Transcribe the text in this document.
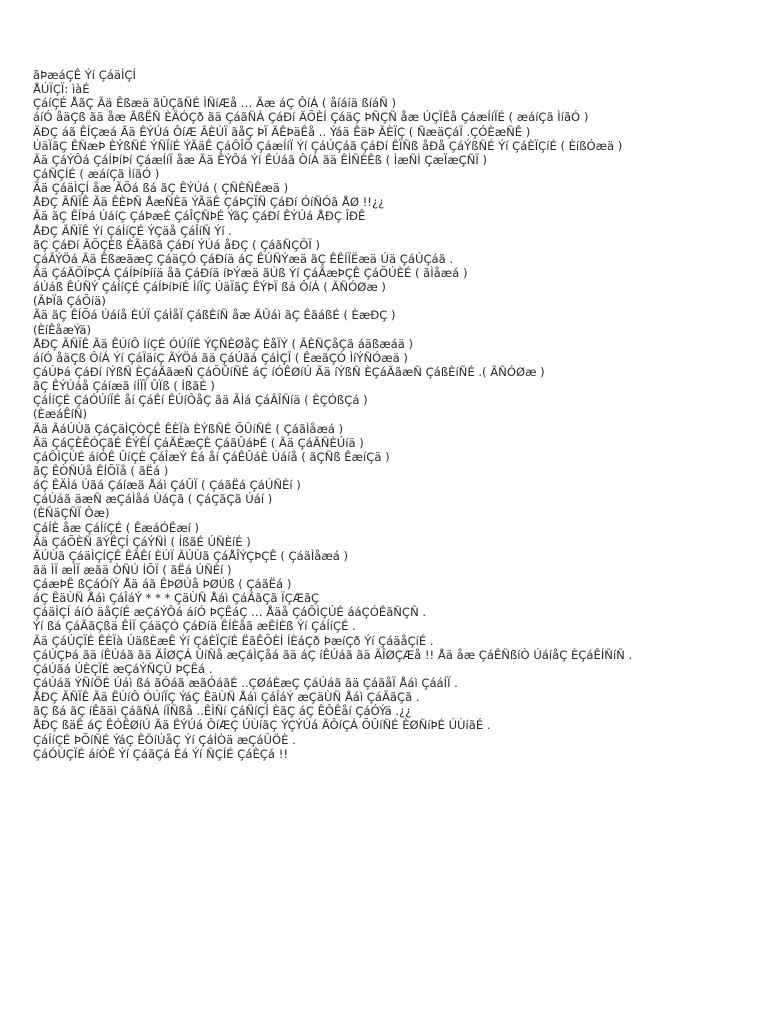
ãÞæáÇÊ Ýí ÇáäÌÇÍ
ÅÚÏÇÏ: ìàÉ
ÇáíÇÉ ÅãÇ Ãä Êßæä ãÛÇãÑÉ ÌÑíÆå … Ãæ áÇ ÔíÁ ( åíáíä ßíáÑ )
áíÓ åäÇß ãä åæ ÃßËÑ ÈÄÓÇð ãä ÇáãÑÁ ÇáÐí ÃÕÈÍ ÇáäÇ ÞÑÇÑ åæ ÚÇÏÊå ÇáæÍíÏÉ ( æáíÇã ÌíãÓ )
ÃÐÇ áã ÊÍÇæá Ãä ÊÝÚá ÔíÆ ÃÈÚÏ ãåÇ ÞÏ ÃÊÞäÊå .. Ýáä ÊäÞ ÃÈÏÇ ( ÑæäÇáÏ .ÇÓÈæÑÊ )
ÚäÏãÇ ÊÑæÞ ÈÝßÑÉ ÝÑÏíÉ ÝÃäÊ ÇáÔÎÕ ÇáæÍíÏ Ýí ÇáÚÇáã ÇáÐí ÊÏÑß åÐå ÇáÝßÑÉ Ýí ÇáÈÏÇíÉ ( ÈíßÓæä )
Ãä ÇáÝÔá ÇáÍÞíÞí ÇáæÍíÏ åæ Ãä ÊÝÔá Ýí ÊÚáã ÔíÁ ãä ÊÌÑÈÊß ( ÌæÑÌ ÇæÏæÇÑÏ )
ÇáÑÇÍÉ ( æáíÇã ÌíãÓ )
Ãä ÇáäÌÇÍ åæ ÃÕá ßá ãÇ ÊÝÚá ( ÇÑÈÑÊæä )
ÅÐÇ ÃÑÏÊ Ãä ÊÈÞÑ ÅæÑÈä ÝÃäÊ ÇáÞÇÏÑ ÇáÐí ÓíÑÓã ÅØ !!¿¿
Ãä ãÇ ÊÍÞá ÚáíÇ ÇáÞæÉ ÇáÎÇÑÞÉ ÝãÇ ÇáÐí ÊÝÚá ÅÐÇ ÎÐÊ
ÅÐÇ ÃÑÏÊ Ýí ÇáÍíÇÉ ÝÇäå ÇáÎíÑ Ýí .
ãÇ ÇáÐí ÃÕÇÈß ÈÃäßã ÇáÐí ÝÚá åÐÇ ( ÇáãÑÇÔÏ )
ÇáÃÝÖá Ãä ÊßæäæÇ ÇáäÇÓ ÇáÐíä áÇ ÊÚÑÝæä ãÇ ÊÊÍÏËæä Úä ÇáÚÇáã .
Ãä ÇáÃÕÏÞÇÁ ÇáÍÞíÞííä åã ÇáÐíä íÞÝæä ãÚß Ýí ÇáÃæÞÇÊ ÇáÕÚÈÉ ( ãÌåæá )
áÚáß ÊÚÑÝ ÇáÍíÇÉ ÇáÍÞíÞíÉ ÌíÏÇ ÚäÏãÇ ÊÝÞÏ ßá ÔíÁ ( ÃÑÓØæ )
(ÃÞÏã ÇáÕíä)
Ãä ãÇ ÊÍÕá Úáíå ÈÚÏ ÇáÌåÏ ÇáßÈíÑ åæ ÃÛáì ãÇ ÊãáßÉ ( ÈæÐÇ )
(ÈíÊåæÝä)
ÅÐÇ ÃÑÏÊ Ãä ÊÚíÔ ÍíÇÉ ÓÚíÏÉ ÝÇÑÈØåÇ ÈåÏÝ ( ÃÈÑÇåÇã áäßæáä )
áíÓ åäÇß ÔíÁ Ýí ÇáÏäíÇ ÃÝÖá ãä ÇáÚãá ÇáÌÇÏ ( ÊæãÇÓ ÌíÝÑÓæä )
ÇáÚÞá ÇáÐí íÝßÑ ÈÇáÃãæÑ ÇáÕÛíÑÉ áÇ íÓÊØíÚ Ãä íÝßÑ ÈÇáÃãæÑ ÇáßÈíÑÉ .( ÃÑÓØæ )
ãÇ ÊÝÚáå Çáíæã íÍÏÏ ÛÏß ( ÍßãÉ )
ÇáÍíÇÉ ÇáÓÚíÏÉ åí ÇáÊí ÊÚíÔåÇ ãä ÃÌá ÇáÂÎÑíä ( ÈÇÓßÇá )
(ÈæáÊíÑ)
Ãä ÃáÚÙã ÇáÇäÌÇÒÇÊ ÊÈÏà ÈÝßÑÉ ÕÛíÑÉ ( ÇáãÌåæá )
Ãä ÇáÇÈÊÓÇãÉ ÊÝÊÍ ÇáÃÈæÇÈ ÇáãÛáÞÉ ( Ãä ÇáÃÑÈÚíä )
ÇáÔÌÇÚÉ áíÓÊ ÛíÇÈ ÇáÎæÝ Èá åí ÇáÊÛáÈ Úáíå ( ãÇÑß ÊæíÇä )
ãÇ ÊÒÑÚå ÊÍÕÏå ( ãËá )
áÇ ÊÄÌá Úãá Çáíæã Åáì ÇáÛÏ ( ÇáãËá ÇáÚÑÈí )
ÇáÚáã äæÑ æÇáÌåá ÙáÇã ( ÇáÇãÇã Úáí )
(ÈÑäÇÑÏ Ôæ)
ÇáÍÈ åæ ÇáÍíÇÉ ( ÊæáÓÊæí )
Ãä ÇáÕÈÑ ãÝÊÇÍ ÇáÝÑÌ ( ÍßãÉ ÚÑÈíÉ )
ÃÚÙã ÇáäÌÇÍÇÊ ÊÃÊí ÈÚÏ ÃÚÙã ÇáÅÎÝÇÞÇÊ ( ÇáãÌåæá )
ãä ÌÏ æÌÏ æãä ÒÑÚ ÍÕÏ ( ãËá ÚÑÈí )
ÇáæÞÊ ßÇáÓíÝ Åä áã ÊÞØÚå ÞØÚß ( ÇáãËá )
áÇ ÊäÙÑ Åáì ÇáÎáÝ * * * ÇäÙÑ Åáì ÇáÃãÇã ÏÇÆãÇ
ÇáäÌÇÍ áíÓ äåÇíÉ æÇáÝÔá áíÓ ÞÇÊáÇ … Åäå ÇáÔÌÇÚÉ ááÇÓÊãÑÇÑ .
Ýí ßá ÇáÃãÇßä ÊÌÏ ÇáäÇÓ ÇáÐíä ÊÍÈåã æÊÍÈß Ýí ÇáÍíÇÉ .
Ãä ÇáÚÇÏÉ ÊÈÏà ÚäßÈæÊ Ýí ÇáÈÏÇíÉ ËãÊÕÈÍ ÍÈáÇð ÞæíÇð Ýí ÇáäåÇíÉ .
ÇáÚÇÞá ãä íÊÚáã ãä ÃÎØÇÁ ÛíÑå æÇáÌÇåá ãä áÇ íÊÚáã ãä ÃÎØÇÆå !! Åä åæ ÇáÊÑßíÒ ÚáíåÇ ÈÇáÊÍÑíÑ .
ÇáÚãá ÚÈÇÏÉ æÇáÝÑÇÛ ÞÇÊá .
ÇáÚáã ÝÑíÖÉ Úáì ßá ãÓáã æãÓáãÉ ..ÇØáÈæÇ ÇáÚáã ãä ÇáãåÏ Åáì ÇááÍÏ .
ÅÐÇ ÃÑÏÊ Ãä ÊÚíÔ ÓÚíÏÇ ÝáÇ ÊäÙÑ Åáì ÇáÎáÝ æÇäÙÑ Åáì ÇáÃãÇã .
ãÇ ßá ãÇ íÊãäì ÇáãÑÁ íÏÑßå ..ÊÌÑí ÇáÑíÇÍ ÈãÇ áÇ ÊÔÊåí ÇáÓÝä .¿¿
ÅÐÇ ßäÊ áÇ ÊÓÊØíÚ Ãä ÊÝÚá ÔíÆÇ ÚÙíãÇ ÝÇÝÚá ÃÔíÇÁ ÕÛíÑÉ ÈØÑíÞÉ ÚÙíãÉ .
ÇáÍíÇÉ ÞÕíÑÉ ÝáÇ ÊÖíÚåÇ Ýí ÇáÍÒä æÇáÛÖÈ .
ÇáÓÚÇÏÉ áíÓÊ Ýí ÇáãÇá Èá Ýí ÑÇÍÉ ÇáÈÇá !!
